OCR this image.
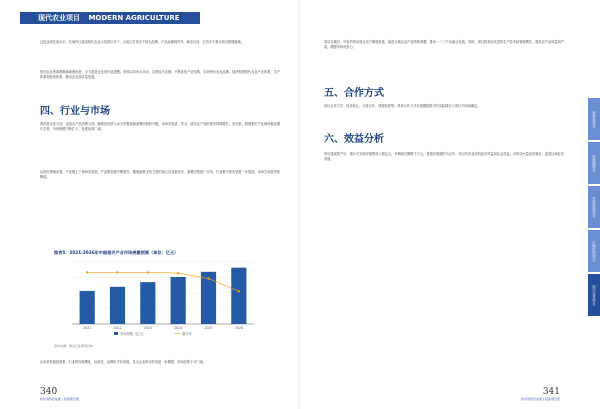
现代农业项目 MODERN AGRICULTURE
已经达到先进水平。区域内已建成现代农业示范园区多个，目前已打造多个知名品牌，产品远销国内外。截至目前，已有多个重点项目相继落地。
依托农业资源禀赋和地理优势，全力推进农业现代化进程。坚持以市场为导向、以科技为支撑，不断优化产业结构，打造特色农业品牌。加快构建现代农业产业体系、生产体系和经营体系，推动农业高质量发展。
四、行业与市场
我国是农业大国，也是农产品消费大国。随着居民收入水平的提高和消费结构的升级，市场对优质、安全、绿色农产品的需求持续增长。近年来，我国相关产业保持稳定增长态势，市场规模不断扩大，发展前景广阔。
从细分领域来看，产业链上下游协同发展，产品附加值不断提升。随着政策支持力度的加大以及新技术、新模式的推广应用，行业集中度有望进一步提高，市场空间将持续释放。
图表5：2021-2026年中国相关产业市场规模预测（单位：亿元）
2021	2022	2023	2024	2025	2026
市场规模（亿元）	增长率
资料来源：相关行业研究机构
从未来发展趋势看，行业将向规模化、标准化、品牌化方向发展，龙头企业带动作用进一步增强，市场前景十分广阔。
340
哈尔滨科技成果 | 招商项目册
项目实施后，可有效带动周边农户增收致富，促进当地农业产业结构调整，推动一二三产业融合发展。同时，项目将采用先进的生产技术和管理模式，提高农产品质量和产量，增强市场竞争力。
五、合作方式
项目合作方式：技术转让、合资合作、独资经营等。具体合作方式可根据投资方的实际情况与项目方协商确定。
六、效益分析
项目建成投产后，预计可实现年销售收入数亿元，年利润总额数千万元，投资回收期约为五年。项目具有良好的经济效益和社会效益，可带动大量农民就业，促进区域经济发展。
341
哈尔滨科技成果 | 招商项目册
新材料项目
新能源项目
先进装备项目
生物医药项目
现代农业项目
